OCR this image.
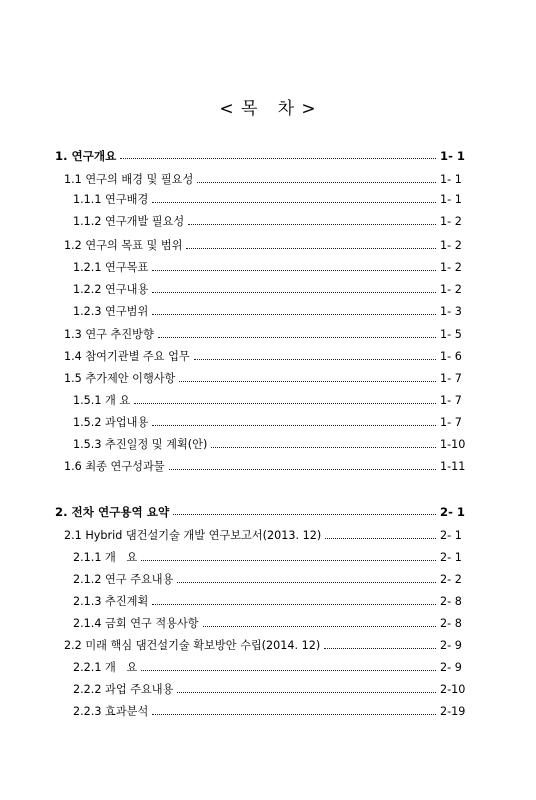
< 목   차 >
1. 연구개요	1- 1
1.1 연구의 배경 및 필요성	1- 1
1.1.1 연구배경	1- 1
1.1.2 연구개발 필요성	1- 2
1.2 연구의 목표 및 범위	1- 2
1.2.1 연구목표	1- 2
1.2.2 연구내용	1- 2
1.2.3 연구범위	1- 3
1.3 연구 추진방향	1- 5
1.4 참여기관별 주요 업무	1- 6
1.5 추가제안 이행사항	1- 7
1.5.1 개 요	1- 7
1.5.2 과업내용	1- 7
1.5.3 추진일정 및 계획(안)	1-10
1.6 최종 연구성과물	1-11
2. 전차 연구용역 요약	2- 1
2.1 Hybrid 댐건설기술 개발 연구보고서(2013. 12)	2- 1
2.1.1 개   요	2- 1
2.1.2 연구 주요내용	2- 2
2.1.3 추진계획	2- 8
2.1.4 금회 연구 적용사항	2- 8
2.2 미래 핵심 댐건설기술 확보방안 수립(2014. 12)	2- 9
2.2.1 개   요	2- 9
2.2.2 과업 주요내용	2-10
2.2.3 효과분석	2-19
